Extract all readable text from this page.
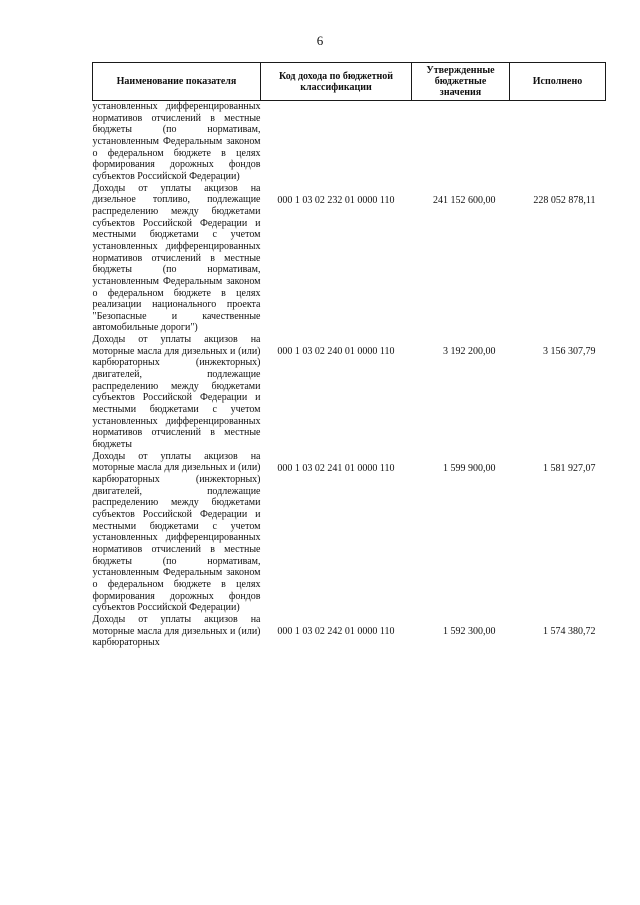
6
Наименование показателя	Код дохода по бюджетной классификации	Утвержденные бюджетные значения	Исполнено
установленных дифференцированных нормативов отчислений в местные бюджеты (по нормативам, установленным Федеральным законом о федеральном бюджете в целях формирования дорожных фондов субъектов Российской Федерации)			
Доходы от уплаты акцизов на дизельное топливо, подлежащие распределению между бюджетами субъектов Российской Федерации и местными бюджетами с учетом установленных дифференцированных нормативов отчислений в местные бюджеты (по нормативам, установленным Федеральным законом о федеральном бюджете в целях реализации национального проекта "Безопасные и качественные автомобильные дороги")	000 1 03 02 232 01 0000 110	241 152 600,00	228 052 878,11
Доходы от уплаты акцизов на моторные масла для дизельных и (или) карбюраторных (инжекторных) двигателей, подлежащие распределению между бюджетами субъектов Российской Федерации и местными бюджетами с учетом установленных дифференцированных нормативов отчислений в местные бюджеты	000 1 03 02 240 01 0000 110	3 192 200,00	3 156 307,79
Доходы от уплаты акцизов на моторные масла для дизельных и (или) карбюраторных (инжекторных) двигателей, подлежащие распределению между бюджетами субъектов Российской Федерации и местными бюджетами с учетом установленных дифференцированных нормативов отчислений в местные бюджеты (по нормативам, установленным Федеральным законом о федеральном бюджете в целях формирования дорожных фондов субъектов Российской Федерации)	000 1 03 02 241 01 0000 110	1 599 900,00	1 581 927,07
Доходы от уплаты акцизов на моторные масла для дизельных и (или) карбюраторных	000 1 03 02 242 01 0000 110	1 592 300,00	1 574 380,72
